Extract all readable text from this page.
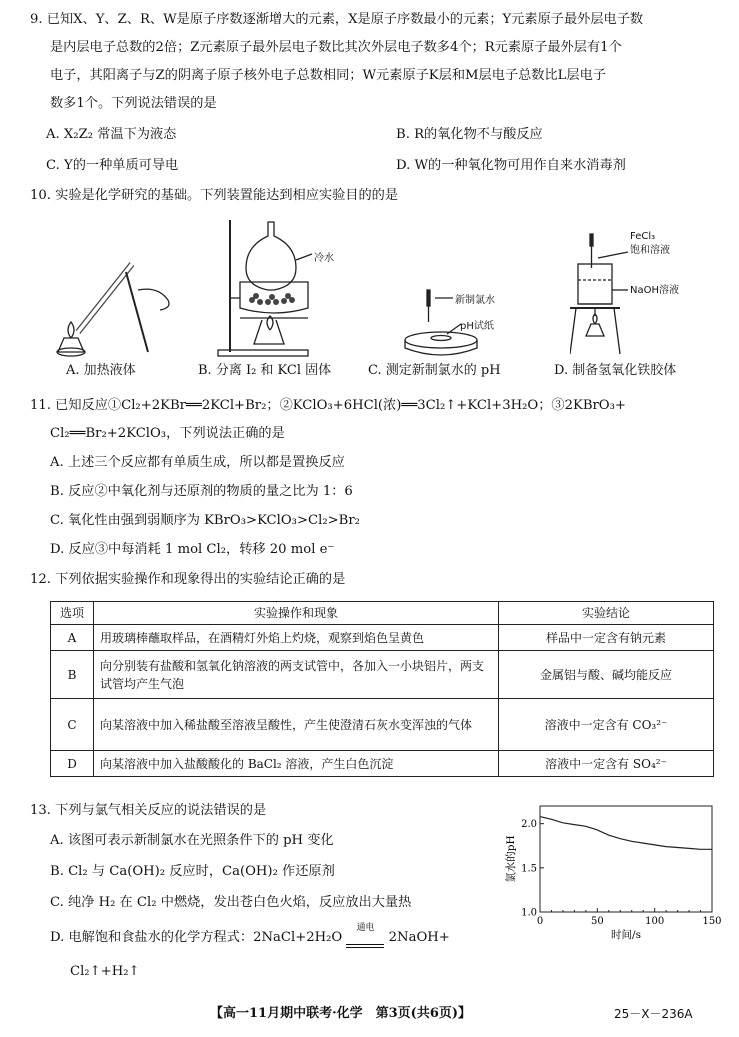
9. 已知X、Y、Z、R、W是原子序数逐渐增大的元素，X是原子序数最小的元素；Y元素原子最外层电子数
是内层电子总数的2倍；Z元素原子最外层电子数比其次外层电子数多4个；R元素原子最外层有1个
电子，其阳离子与Z的阴离子原子核外电子总数相同；W元素原子K层和M层电子总数比L层电子
数多1个。下列说法错误的是
A. X₂Z₂ 常温下为液态	B. R的氧化物不与酸反应
C. Y的一种单质可导电	D. W的一种氧化物可用作自来水消毒剂
10. 实验是化学研究的基础。下列装置能达到相应实验目的的是
A. 加热液体
冷水
B. 分离 I₂ 和 KCl 固体
新制氯水
pH试纸
C. 测定新制氯水的 pH
FeCl₃
饱和溶液
NaOH溶液
D. 制备氢氧化铁胶体
11. 已知反应①Cl₂+2KBr══2KCl+Br₂；②KClO₃+6HCl(浓)══3Cl₂↑+KCl+3H₂O；③2KBrO₃+
Cl₂══Br₂+2KClO₃，下列说法正确的是
A. 上述三个反应都有单质生成，所以都是置换反应
B. 反应②中氧化剂与还原剂的物质的量之比为 1：6
C. 氧化性由强到弱顺序为 KBrO₃>KClO₃>Cl₂>Br₂
D. 反应③中每消耗 1 mol Cl₂，转移 20 mol e⁻
12. 下列依据实验操作和现象得出的实验结论正确的是
选项	实验操作和现象	实验结论
A	用玻璃棒蘸取样品，在酒精灯外焰上灼烧，观察到焰色呈黄色	样品中一定含有钠元素
B	向分别装有盐酸和氢氧化钠溶液的两支试管中，各加入一小块铝片，两支试管均产生气泡	金属铝与酸、碱均能反应
C	向某溶液中加入稀盐酸至溶液呈酸性，产生使澄清石灰水变浑浊的气体	溶液中一定含有 CO₃²⁻
D	向某溶液中加入盐酸酸化的 BaCl₂ 溶液，产生白色沉淀	溶液中一定含有 SO₄²⁻
13. 下列与氯气相关反应的说法错误的是
A. 该图可表示新制氯水在光照条件下的 pH 变化
B. Cl₂ 与 Ca(OH)₂ 反应时，Ca(OH)₂ 作还原剂
C. 纯净 H₂ 在 Cl₂ 中燃烧，发出苍白色火焰，反应放出大量热
D. 电解饱和食盐水的化学方程式：2NaCl+2H₂O
通电
2NaOH+
Cl₂↑+H₂↑
0	50	100	150
1.0
1.5
2.0
时间/s
氯水的pH
【高一11月期中联考·化学　第3页(共6页)】	25－X－236A
